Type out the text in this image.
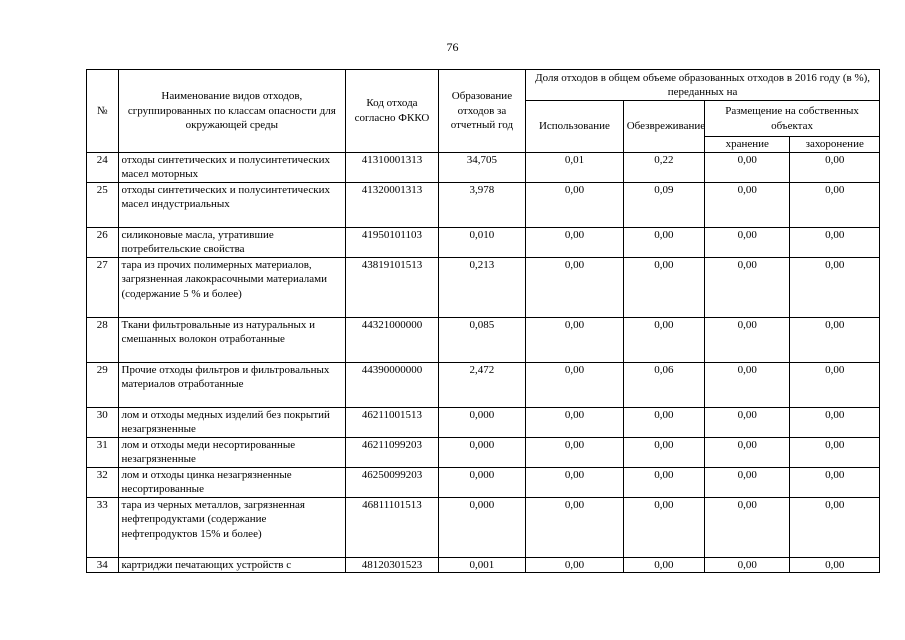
76
№	Наименование видов отходов, сгруппированных по классам опасности для окружающей среды	Код отхода согласно ФККО	Образование отходов за отчетный год	Доля отходов в общем объеме образованных отходов в 2016 году (в %), переданных на			
				Использование	Обезвреживание	Размещение на собственных объектах	
						хранение	захоронение
24	отходы синтетических и полусинтетических масел моторных	41310001313	34,705	0,01	0,22	0,00	0,00
25	отходы синтетических и полусинтетических масел индустриальных	41320001313	3,978	0,00	0,09	0,00	0,00
26	силиконовые масла, утратившие потребительские свойства	41950101103	0,010	0,00	0,00	0,00	0,00
27	тара из прочих полимерных материалов, загрязненная лакокрасочными материалами (содержание 5 % и более)	43819101513	0,213	0,00	0,00	0,00	0,00
28	Ткани фильтровальные из натуральных и смешанных волокон отработанные	44321000000	0,085	0,00	0,00	0,00	0,00
29	Прочие отходы фильтров и фильтровальных материалов отработанные	44390000000	2,472	0,00	0,06	0,00	0,00
30	лом и отходы медных изделий без покрытий незагрязненные	46211001513	0,000	0,00	0,00	0,00	0,00
31	лом и отходы меди несортированные незагрязненные	46211099203	0,000	0,00	0,00	0,00	0,00
32	лом и отходы цинка незагрязненные несортированные	46250099203	0,000	0,00	0,00	0,00	0,00
33	тара из черных металлов, загрязненная нефтепродуктами (содержание нефтепродуктов 15% и более)	46811101513	0,000	0,00	0,00	0,00	0,00
34	картриджи печатающих устройств с	48120301523	0,001	0,00	0,00	0,00	0,00
